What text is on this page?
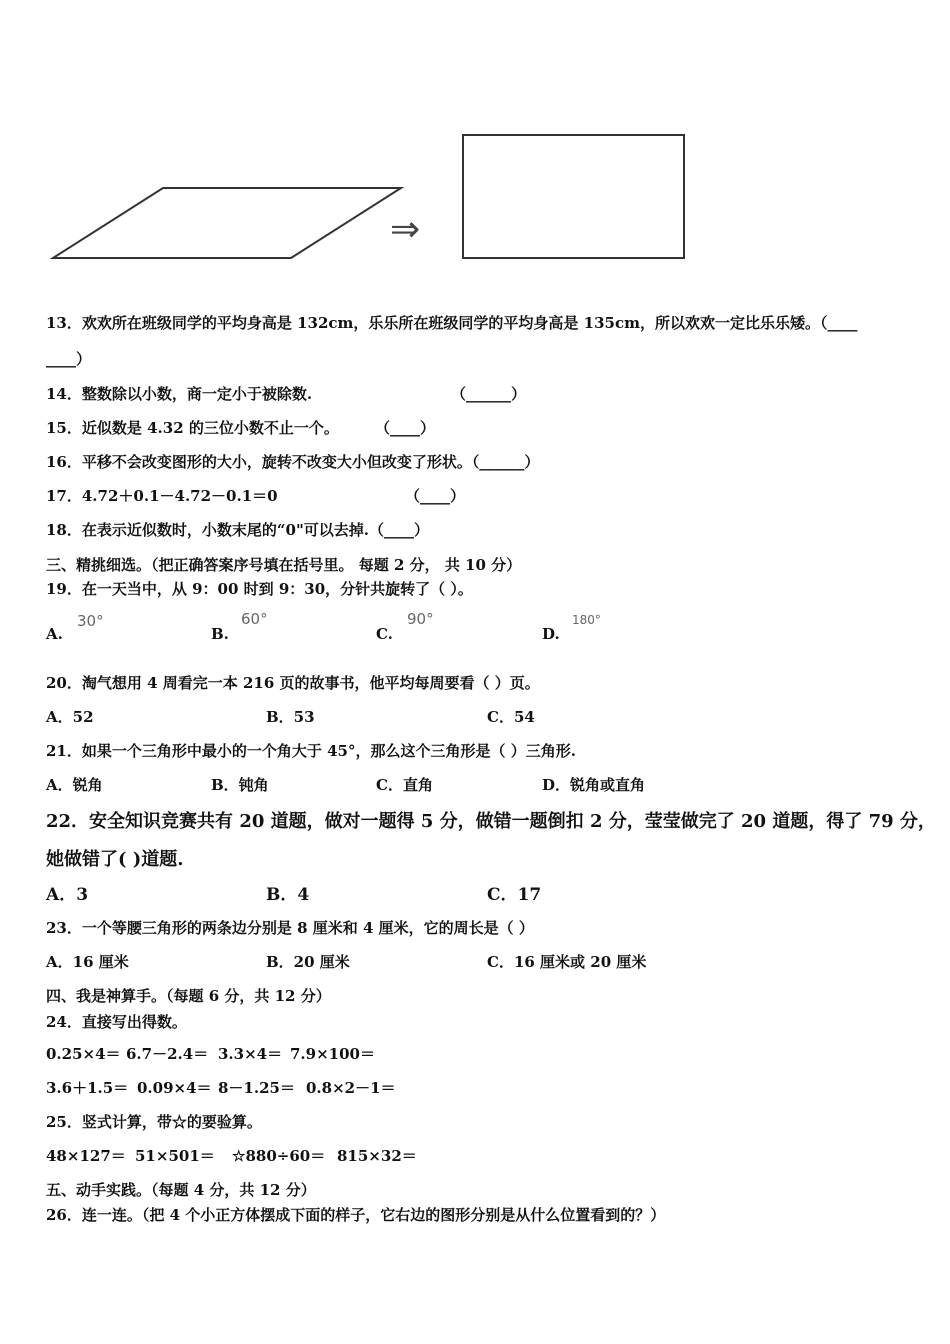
⇒
13．欢欢所在班级同学的平均身高是 132cm，乐乐所在班级同学的平均身高是 135cm，所以欢欢一定比乐乐矮。（____
____）
14．整数除以小数，商一定小于被除数.	（______）
15．近似数是 4.32 的三位小数不止一个。 （____）
16．平移不会改变图形的大小，旋转不改变大小但改变了形状。（______）
17．4.72＋0.1－4.72－0.1＝0	（____）
18．在表示近似数时，小数末尾的“0"可以去掉.（____）
三、精挑细选。（把正确答案序号填在括号里。 每题 2 分， 共 10 分）
19．在一天当中，从 9：00 时到 9：30，分针共旋转了（ ）。
A.
30°
B.
60°
C.
90°
D.
180°
20．淘气想用 4 周看完一本 216 页的故事书，他平均每周要看（ ）页。
A．52	B．53	C．54
21．如果一个三角形中最小的一个角大于 45°，那么这个三角形是（ ）三角形.
A．锐角	B．钝角	C．直角	D．锐角或直角
22．安全知识竞赛共有 20 道题，做对一题得 5 分，做错一题倒扣 2 分，莹莹做完了 20 道题，得了 79 分，
她做错了( )道题.
A．3	B．4	C．17
23．一个等腰三角形的两条边分别是 8 厘米和 4 厘米，它的周长是（ ）
A．16 厘米	B．20 厘米	C．16 厘米或 20 厘米
四、我是神算手。（每题 6 分，共 12 分）
24．直接写出得数。
0.25×4＝ 6.7－2.4＝ 3.3×4＝ 7.9×100＝
3.6＋1.5＝ 0.09×4＝ 8－1.25＝ 0.8×2－1＝
25．竖式计算，带☆的要验算。
48×127＝ 51×501＝ ☆880÷60＝ 815×32＝
五、动手实践。（每题 4 分，共 12 分）
26．连一连。（把 4 个小正方体摆成下面的样子，它右边的图形分别是从什么位置看到的？）
